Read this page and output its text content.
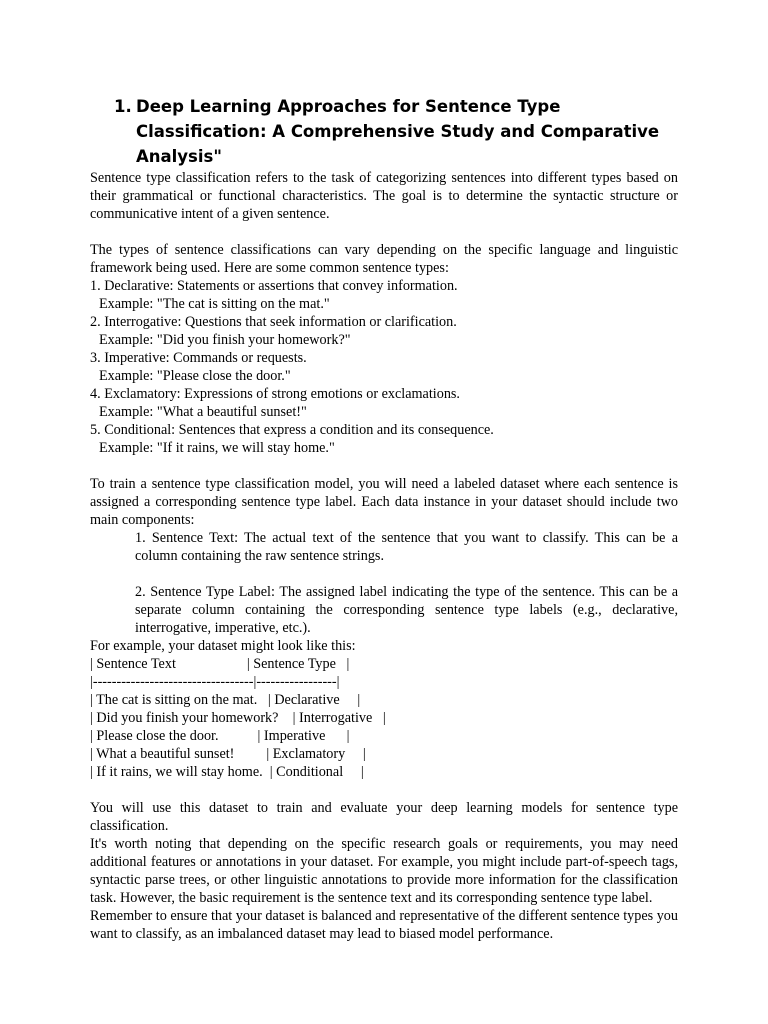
1. Deep Learning Approaches for Sentence Type Classification: A Comprehensive Study and Comparative Analysis"

Sentence type classification refers to the task of categorizing sentences into different types based on their grammatical or functional characteristics. The goal is to determine the syntactic structure or communicative intent of a given sentence.

The types of sentence classifications can vary depending on the specific language and linguistic framework being used. Here are some common sentence types:

1. Declarative: Statements or assertions that convey information.

Example: "The cat is sitting on the mat."

2. Interrogative: Questions that seek information or clarification.

Example: "Did you finish your homework?"

3. Imperative: Commands or requests.

Example: "Please close the door."

4. Exclamatory: Expressions of strong emotions or exclamations.

Example: "What a beautiful sunset!"

5. Conditional: Sentences that express a condition and its consequence.

Example: "If it rains, we will stay home."

To train a sentence type classification model, you will need a labeled dataset where each sentence is assigned a corresponding sentence type label. Each data instance in your dataset should include two main components:

1. Sentence Text: The actual text of the sentence that you want to classify. This can be a column containing the raw sentence strings.

2. Sentence Type Label: The assigned label indicating the type of the sentence. This can be a separate column containing the corresponding sentence type labels (e.g., declarative, interrogative, imperative, etc.).

For example, your dataset might look like this:

| Sentence Text                    | Sentence Type   |

|----------------------------------|-----------------|

| The cat is sitting on the mat.   | Declarative     |

| Did you finish your homework?    | Interrogative   |

| Please close the door.           | Imperative      |

| What a beautiful sunset!         | Exclamatory     |

| If it rains, we will stay home.  | Conditional     |

You will use this dataset to train and evaluate your deep learning models for sentence type classification.

It's worth noting that depending on the specific research goals or requirements, you may need additional features or annotations in your dataset. For example, you might include part-of-speech tags, syntactic parse trees, or other linguistic annotations to provide more information for the classification task. However, the basic requirement is the sentence text and its corresponding sentence type label.

Remember to ensure that your dataset is balanced and representative of the different sentence types you want to classify, as an imbalanced dataset may lead to biased model performance.
